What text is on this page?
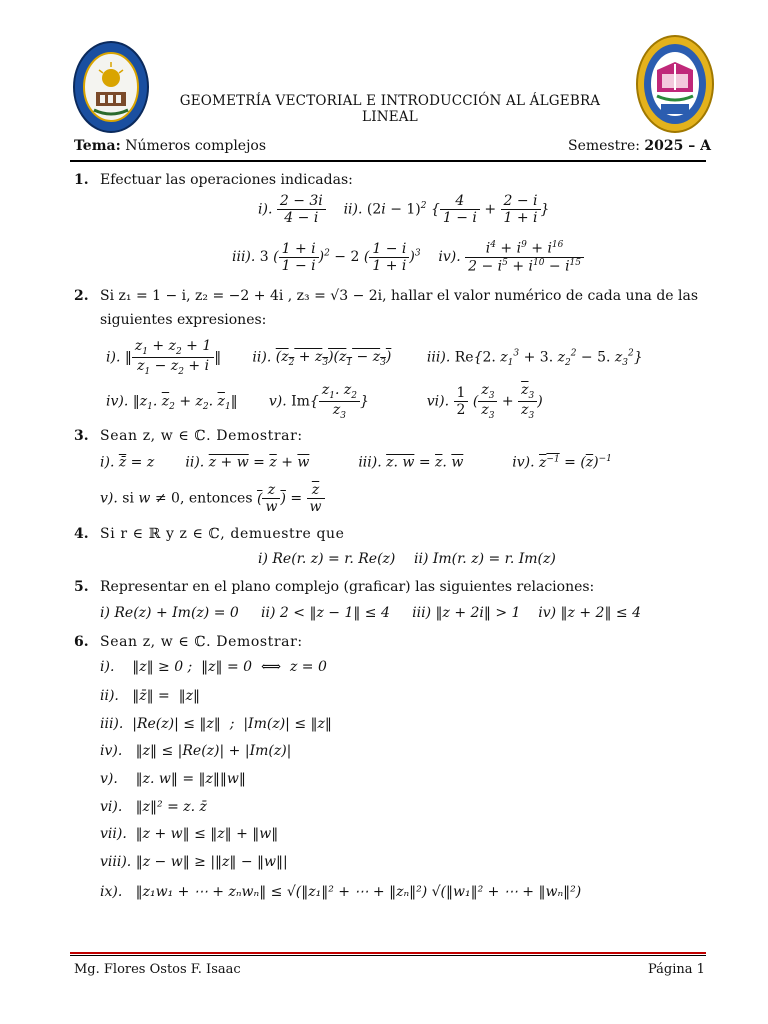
GEOMETRÍA VECTORIAL E INTRODUCCIÓN AL ÁLGEBRA
LINEAL
Tema: Números complejos	Semestre: 2025 – A
1. Efectuar las operaciones indicadas:
i). $\frac{2 - 3i}{4 - i} ii$). $(2i - 1)^2$ { $\frac{4}{1 - i} + \frac{2 - i}{1 + i}$ }
iii). 3 ( $\frac{1 + i}{1 - i} )^2 - 2$ ( $\frac{1 - i}{1 + i} )^3$    iv). $\frac{i^4 + i^9 + i^{16}}{2 - i^5 + i^{10} - i^{15}}$
2. Si z₁ = 1 − i, z₂ = −2 + 4i , z₃ = √3 − 2i, hallar el valor numérico de cada una de las
siguientes expresiones:
i). ‖ $\frac{z_1 + z_2 + 1}{z_1 - z_2 + i}$ ‖       ii). $(z_2 + z_3)(z_1 - z_3)$        iii). Re{2. $z_1^3 + 3$. $z_2^2 - 5$. $z_3^2$}
iv). $‖z_1$. $\overline{z}_2 + z_2$. $\overline{z}_1‖$       v). $Im\{ \frac{z_1. z_2}{z_3}$ }             vi). $\frac{1}{2}$ ( $\frac{z_3}{\overline{z}_3} + \frac{\overline{z}_3}{z_3}$ )
3. Sean z, w ∈ ℂ. Demostrar:
i). z̄ = z       ii). $z + w = \overline{z} + \overline{w}$           iii). z. $w = \overline{z}$. $\overline{w}$           iv). $z^{-1} = (\overline{z})^{-1}$
v). si w ≠ 0, entonces ( $\frac{z}{w}$ ) = $\frac{\overline{z}}{w}$
4. Si r ∈ ℝ y z ∈ ℂ, demuestre que
i) Re(r. z) = r. Re(z) ii) Im(r. z) = r. Im(z)
5. Representar en el plano complejo (graficar) las siguientes relaciones:
i) Re(z) + Im(z) = 0     ii) 2 < ‖z − 1‖ ≤ 4     iii) ‖z + 2i‖ > 1    iv) ‖z + 2‖ ≤ 4
6. Sean z, w ∈ ℂ. Demostrar:
i).    ‖z‖ ≥ 0 ;  ‖z‖ = 0  ⟺  z = 0
ii).   ‖z̄‖ =  ‖z‖
iii).  |Re(z)| ≤ ‖z‖  ;  |Im(z)| ≤ ‖z‖
iv).   ‖z‖ ≤ |Re(z)| + |Im(z)|
v).    ‖z. w‖ = ‖z‖‖w‖
vi).   ‖z‖² = z. z̄
vii).  ‖z + w‖ ≤ ‖z‖ + ‖w‖
viii). ‖z − w‖ ≥ |‖z‖ − ‖w‖|
ix).   ‖z₁w₁ + ⋯ + zₙwₙ‖ ≤ √(‖z₁‖² + ⋯ + ‖zₙ‖²) √(‖w₁‖² + ⋯ + ‖wₙ‖²)
Mg. Flores Ostos F. Isaac	Página 1
